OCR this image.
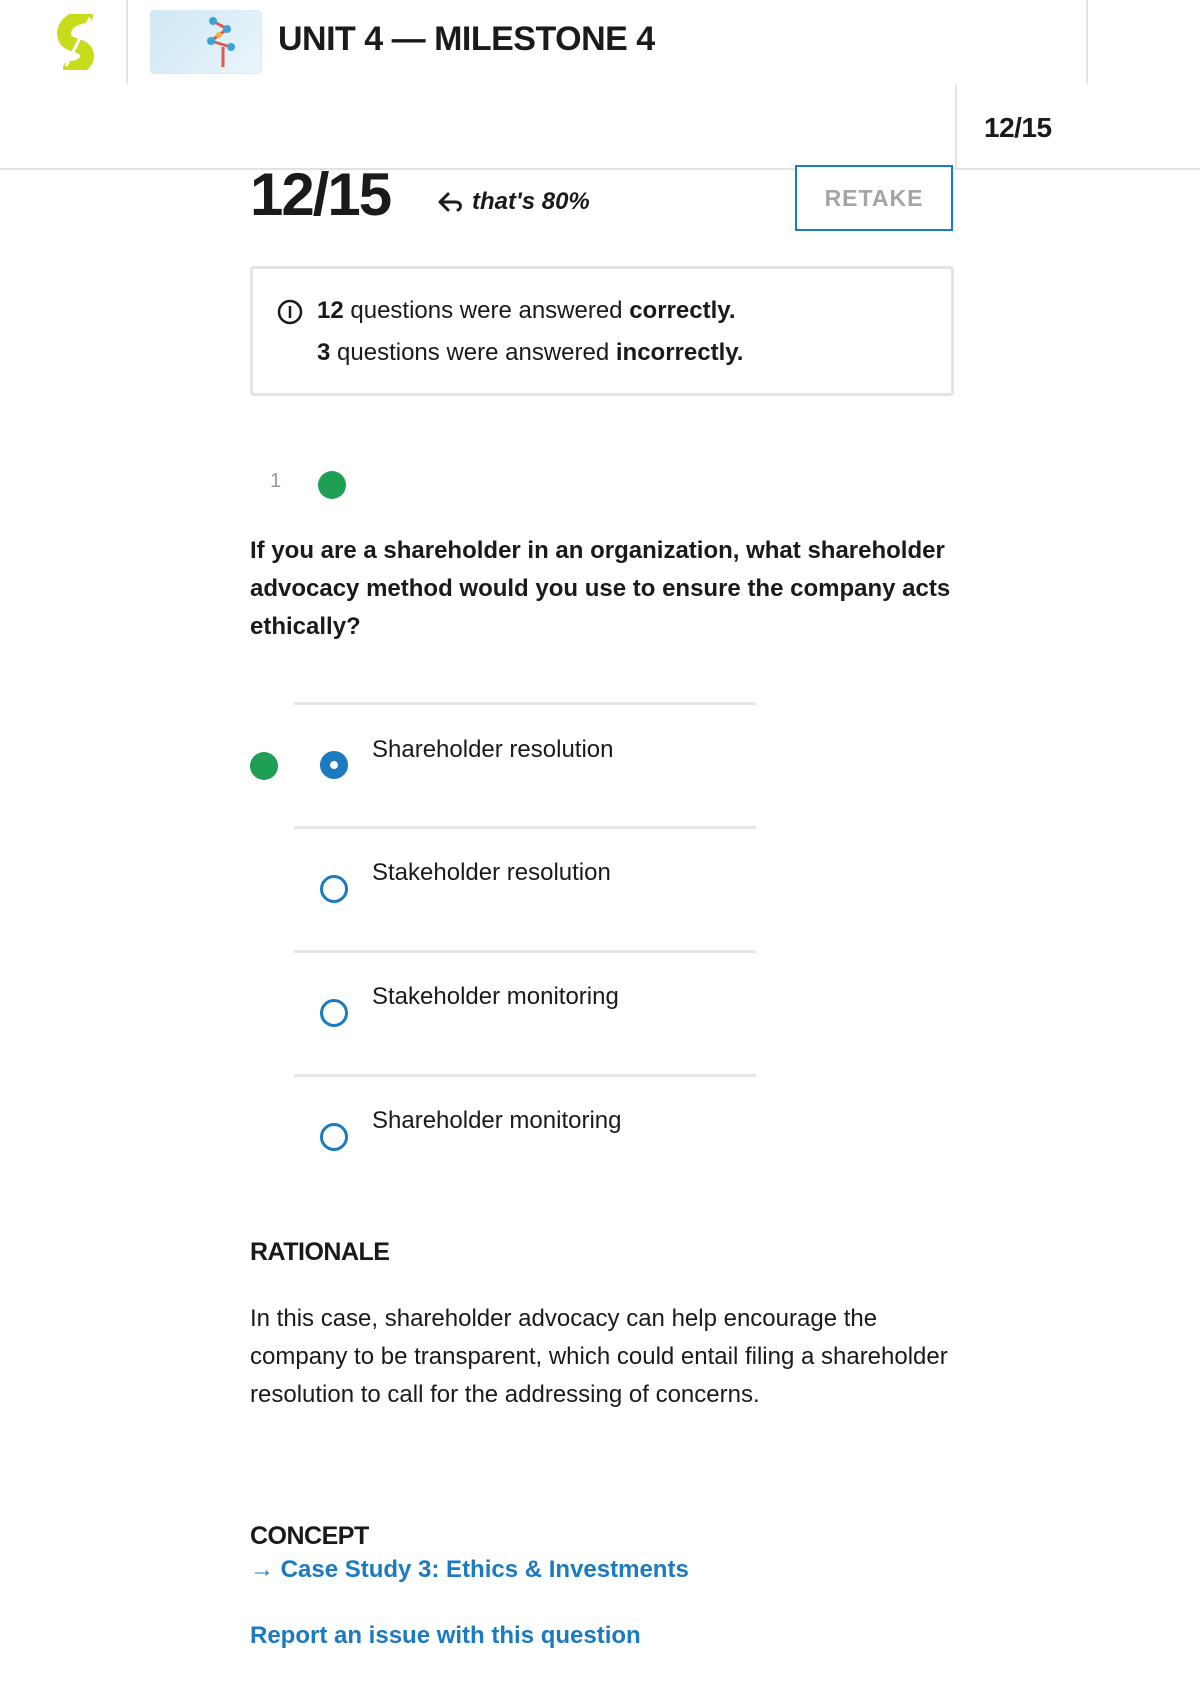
UNIT 4 — MILESTONE 4
12/15
12/15	that's 80%	RETAKE
12 questions were answered correctly.
3 questions were answered incorrectly.
1
If you are a shareholder in an organization, what shareholder advocacy method would you use to ensure the company acts ethically?
Shareholder resolution
Stakeholder resolution
Stakeholder monitoring
Shareholder monitoring
RATIONALE
In this case, shareholder advocacy can help encourage the company to be transparent, which could entail filing a shareholder resolution to call for the addressing of concerns.
CONCEPT
→ Case Study 3: Ethics & Investments
Report an issue with this question
